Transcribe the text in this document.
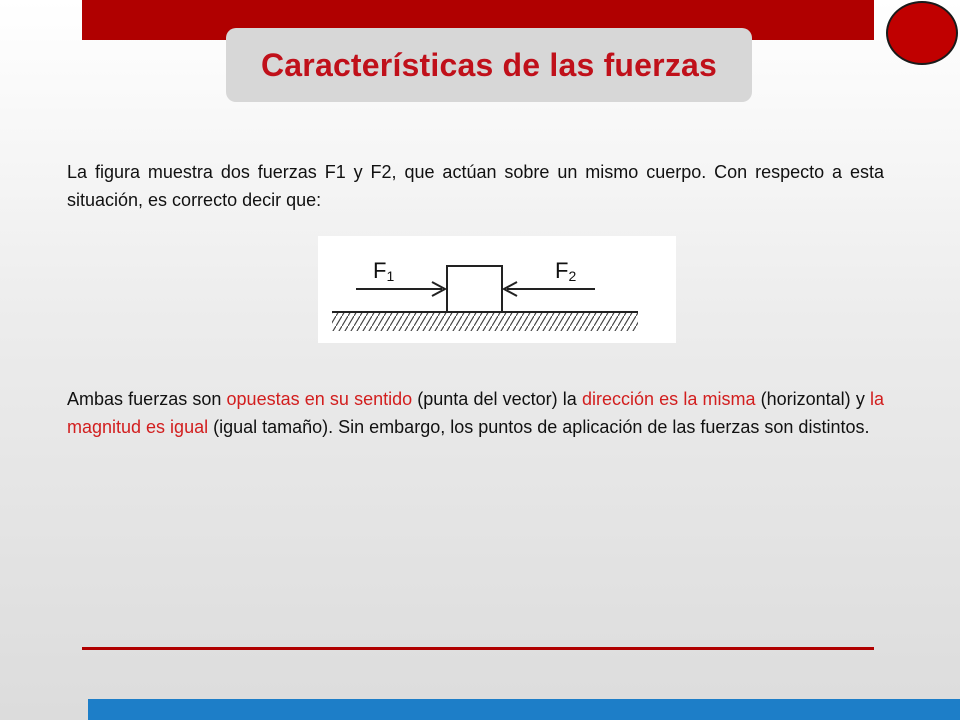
Características de las fuerzas

La figura muestra dos fuerzas F1 y F2, que actúan sobre un mismo cuerpo. Con respecto a esta situación, es correcto decir que:

F1	F2

Ambas fuerzas son opuestas en su sentido (punta del vector) la dirección es la misma (horizontal) y la magnitud es igual (igual tamaño). Sin embargo, los puntos de aplicación de las fuerzas son distintos.
